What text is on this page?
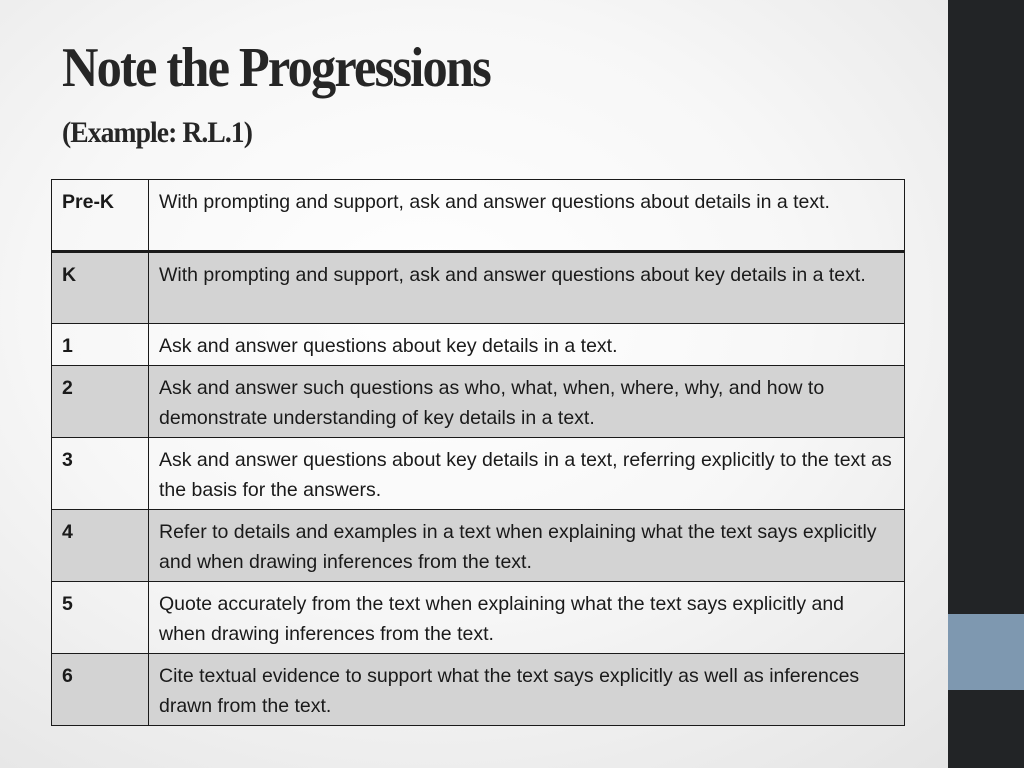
Note the Progressions
(Example: R.L.1)
Pre-K	With prompting and support, ask and answer questions about details in a text.
K	With prompting and support, ask and answer questions about key details in a text.
1	Ask and answer questions about key details in a text.
2	Ask and answer such questions as who, what, when, where, why, and how to demonstrate understanding of key details in a text.
3	Ask and answer questions about key details in a text, referring explicitly to the text as the basis for the answers.
4	Refer to details and examples in a text when explaining what the text says explicitly and when drawing inferences from the text.
5	Quote accurately from the text when explaining what the text says explicitly and when drawing inferences from the text.
6	Cite textual evidence to support what the text says explicitly as well as inferences drawn from the text.
